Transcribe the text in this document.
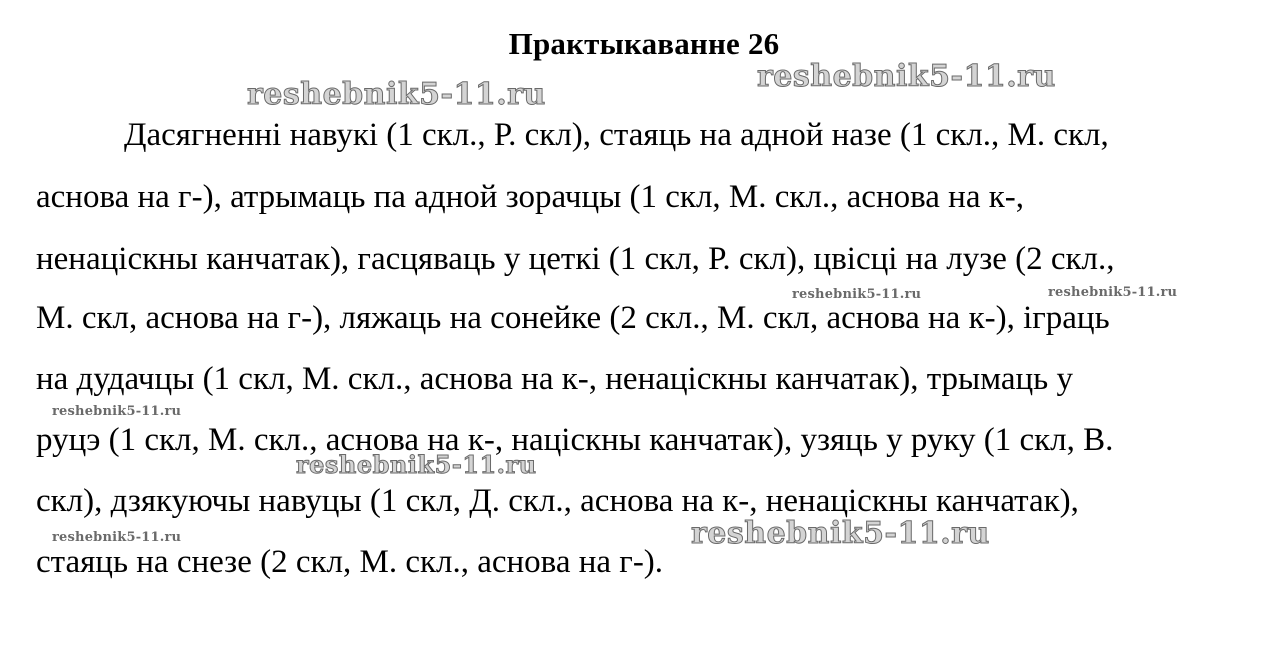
Практыкаванне 26
Дасягненні навукі (1 скл., Р. скл), стаяць на адной назе (1 скл., М. скл,
аснова на г-), атрымаць па адной зорачцы (1 скл, М. скл., аснова на к-,
ненаціскны канчатак), гасцяваць у цеткі (1 скл, Р. скл), цвісці на лузе (2 скл.,
М. скл, аснова на г-), ляжаць на сонейке (2 скл., М. скл, аснова на к-), іграць
на дудачцы (1 скл, М. скл., аснова на к-, ненаціскны канчатак), трымаць у
руцэ (1 скл, М. скл., аснова на к-, націскны канчатак), узяць у руку (1 скл, В.
скл), дзякуючы навуцы (1 скл, Д. скл., аснова на к-, ненаціскны канчатак),
стаяць на снезе (2 скл, М. скл., аснова на г-).
reshebnik5-11.ru
reshebnik5-11.ru
reshebnik5-11.ru	reshebnik5-11.ru
reshebnik5-11.ru
reshebnik5-11.ru
reshebnik5-11.ru	reshebnik5-11.ru
